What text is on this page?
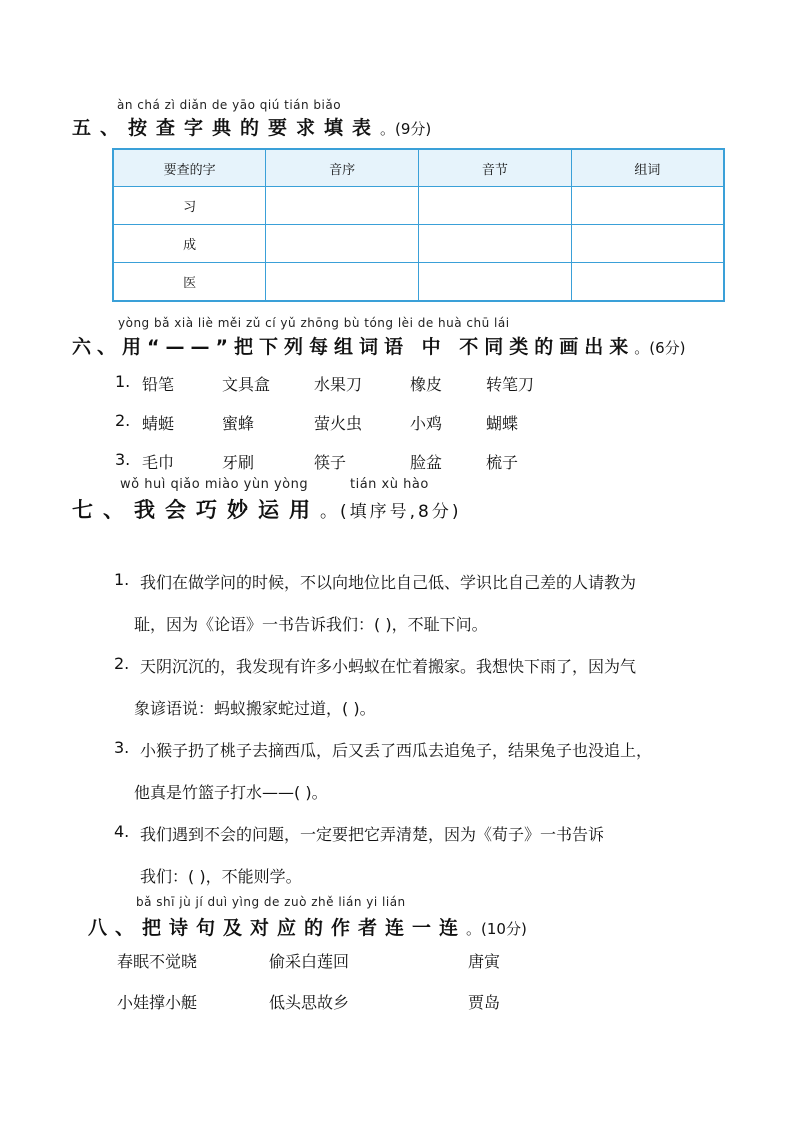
àn chá zì diǎn de yāo qiú tián biǎo
五、按查字典的要求填表。(9分)
要查的字	音序	音节	组词
习			
成			
医			
yòng bǎ xià liè měi zǔ cí yǔ zhōng bù tóng lèi de huà chū lái
六、用“——”把下列每组词语 中 不同类的画出来。(6分)
1. 铅笔	文具盒	水果刀	橡皮	转笔刀
2. 蜻蜓	蜜蜂	萤火虫	小鸡	蝴蝶
3. 毛巾	牙刷	筷子	脸盆	梳子
wǒ huì qiǎo miào yùn yòng	tián xù hào
七、我会巧妙运用。(填序号,8分)
1. 我们在做学问的时候，不以向地位比自己低、学识比自己差的人请教为
耻，因为《论语》一书告诉我们：( )，不耻下问。
2. 天阴沉沉的，我发现有许多小蚂蚁在忙着搬家。我想快下雨了，因为气
象谚语说：蚂蚁搬家蛇过道，( )。
3. 小猴子扔了桃子去摘西瓜，后又丢了西瓜去追兔子，结果兔子也没追上，
他真是竹篮子打水——( )。
4. 我们遇到不会的问题，一定要把它弄清楚，因为《荀子》一书告诉
我们：( )，不能则学。
bǎ shī jù jí duì yìng de zuò zhě lián yi lián
八、把诗句及对应的作者连一连。(10分)
春眠不觉晓	偷采白莲回	唐寅
小娃撑小艇	低头思故乡	贾岛
